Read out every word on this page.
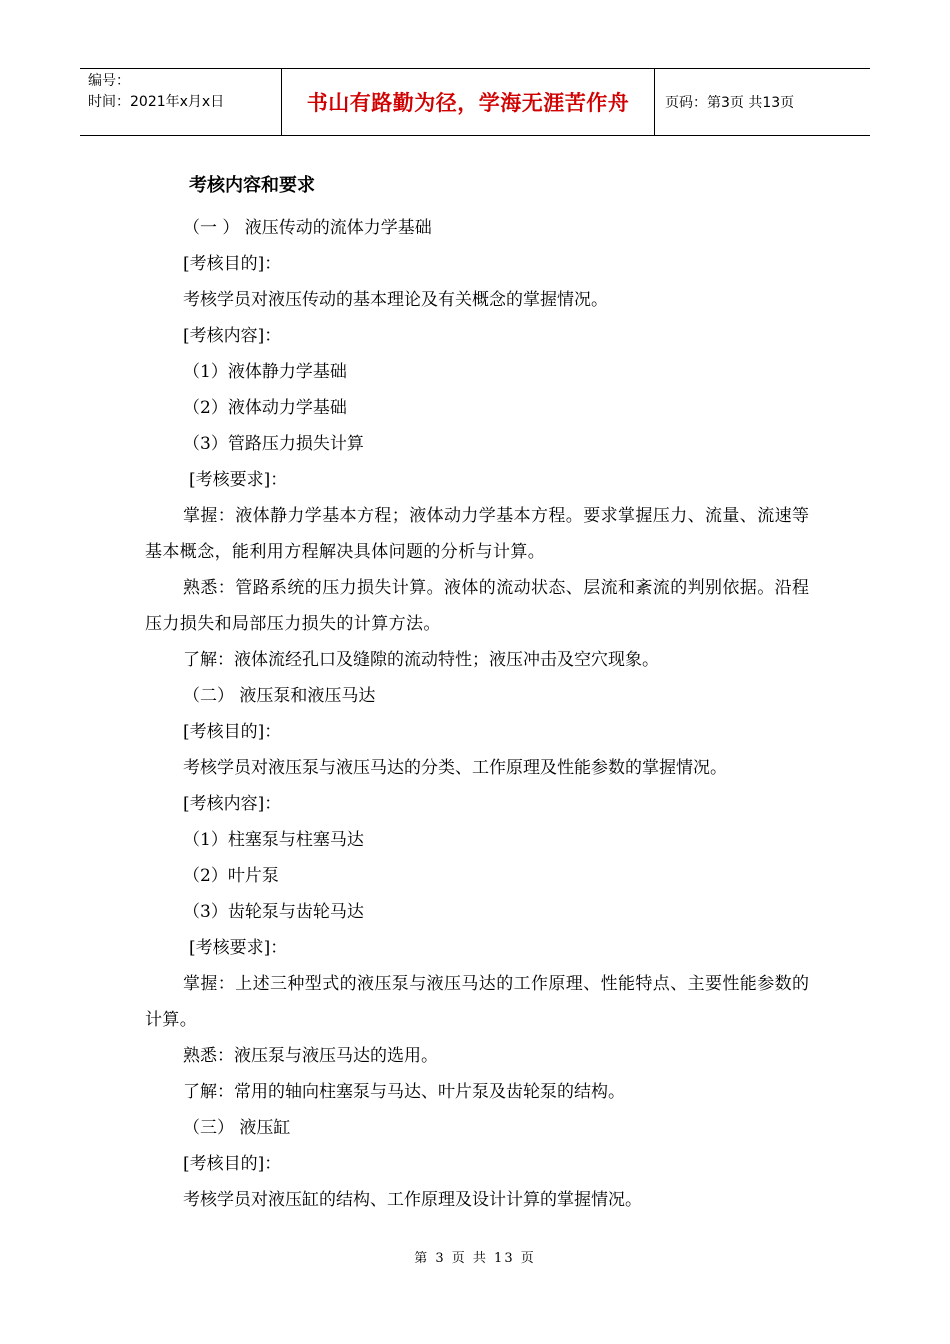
编号：
时间：2021年x月x日	书山有路勤为径，学海无涯苦作舟	页码：第3页 共13页
考核内容和要求
（一 ） 液压传动的流体力学基础
[考核目的]：
考核学员对液压传动的基本理论及有关概念的掌握情况。
[考核内容]：
（1）液体静力学基础
（2）液体动力学基础
（3）管路压力损失计算
[考核要求]：
掌握：液体静力学基本方程；液体动力学基本方程。要求掌握压力、流量、流速等基本概念，能利用方程解决具体问题的分析与计算。
熟悉：管路系统的压力损失计算。液体的流动状态、层流和紊流的判别依据。沿程压力损失和局部压力损失的计算方法。
了解：液体流经孔口及缝隙的流动特性；液压冲击及空穴现象。
（二） 液压泵和液压马达
[考核目的]：
考核学员对液压泵与液压马达的分类、工作原理及性能参数的掌握情况。
[考核内容]：
（1）柱塞泵与柱塞马达
（2）叶片泵
（3）齿轮泵与齿轮马达
[考核要求]：
掌握：上述三种型式的液压泵与液压马达的工作原理、性能特点、主要性能参数的计算。
熟悉：液压泵与液压马达的选用。
了解：常用的轴向柱塞泵与马达、叶片泵及齿轮泵的结构。
（三） 液压缸
[考核目的]：
考核学员对液压缸的结构、工作原理及设计计算的掌握情况。
第 3 页 共 13 页
